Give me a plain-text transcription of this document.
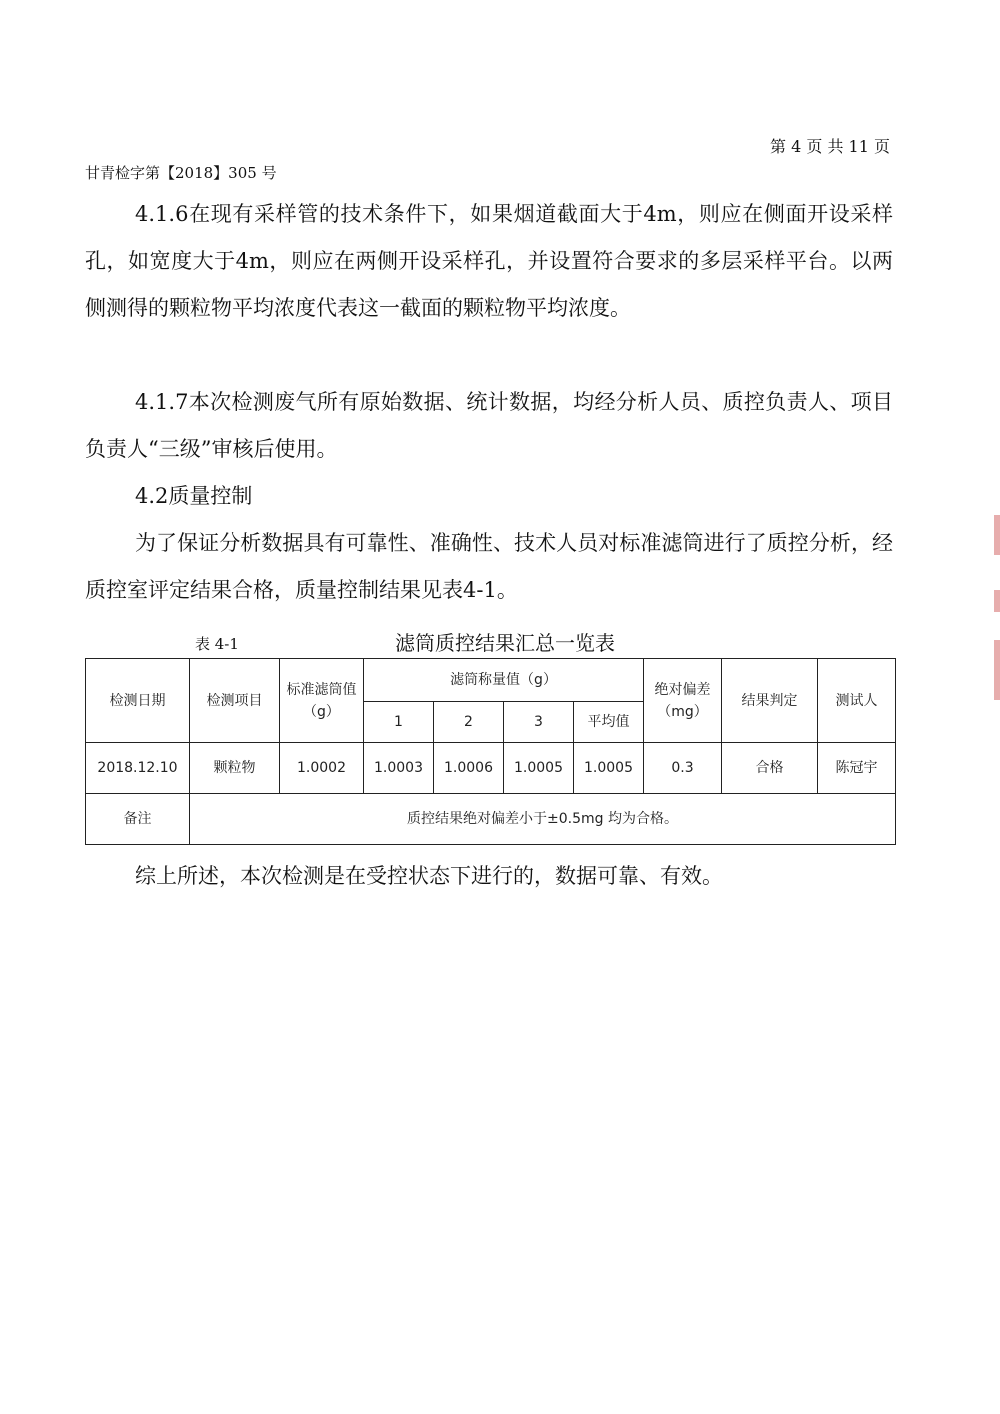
第 4 页 共 11 页
甘青检字第【2018】305 号

4.1.6在现有采样管的技术条件下，如果烟道截面大于4m，则应在侧面开设采样孔，如宽度大于4m，则应在两侧开设采样孔，并设置符合要求的多层采样平台。以两侧测得的颗粒物平均浓度代表这一截面的颗粒物平均浓度。

4.1.7本次检测废气所有原始数据、统计数据，均经分析人员、质控负责人、项目负责人“三级”审核后使用。

4.2质量控制

为了保证分析数据具有可靠性、准确性、技术人员对标准滤筒进行了质控分析，经质控室评定结果合格，质量控制结果见表4-1。

表 4-1	滤筒质控结果汇总一览表
检测日期	检测项目	标准滤筒值（g）	滤筒称量值（g）				绝对偏差（mg）	结果判定	测试人
			1	2	3	平均值			
2018.12.10	颗粒物	1.0002	1.0003	1.0006	1.0005	1.0005	0.3	合格	陈冠宇
备注	质控结果绝对偏差小于±0.5mg 均为合格。								

综上所述，本次检测是在受控状态下进行的，数据可靠、有效。
